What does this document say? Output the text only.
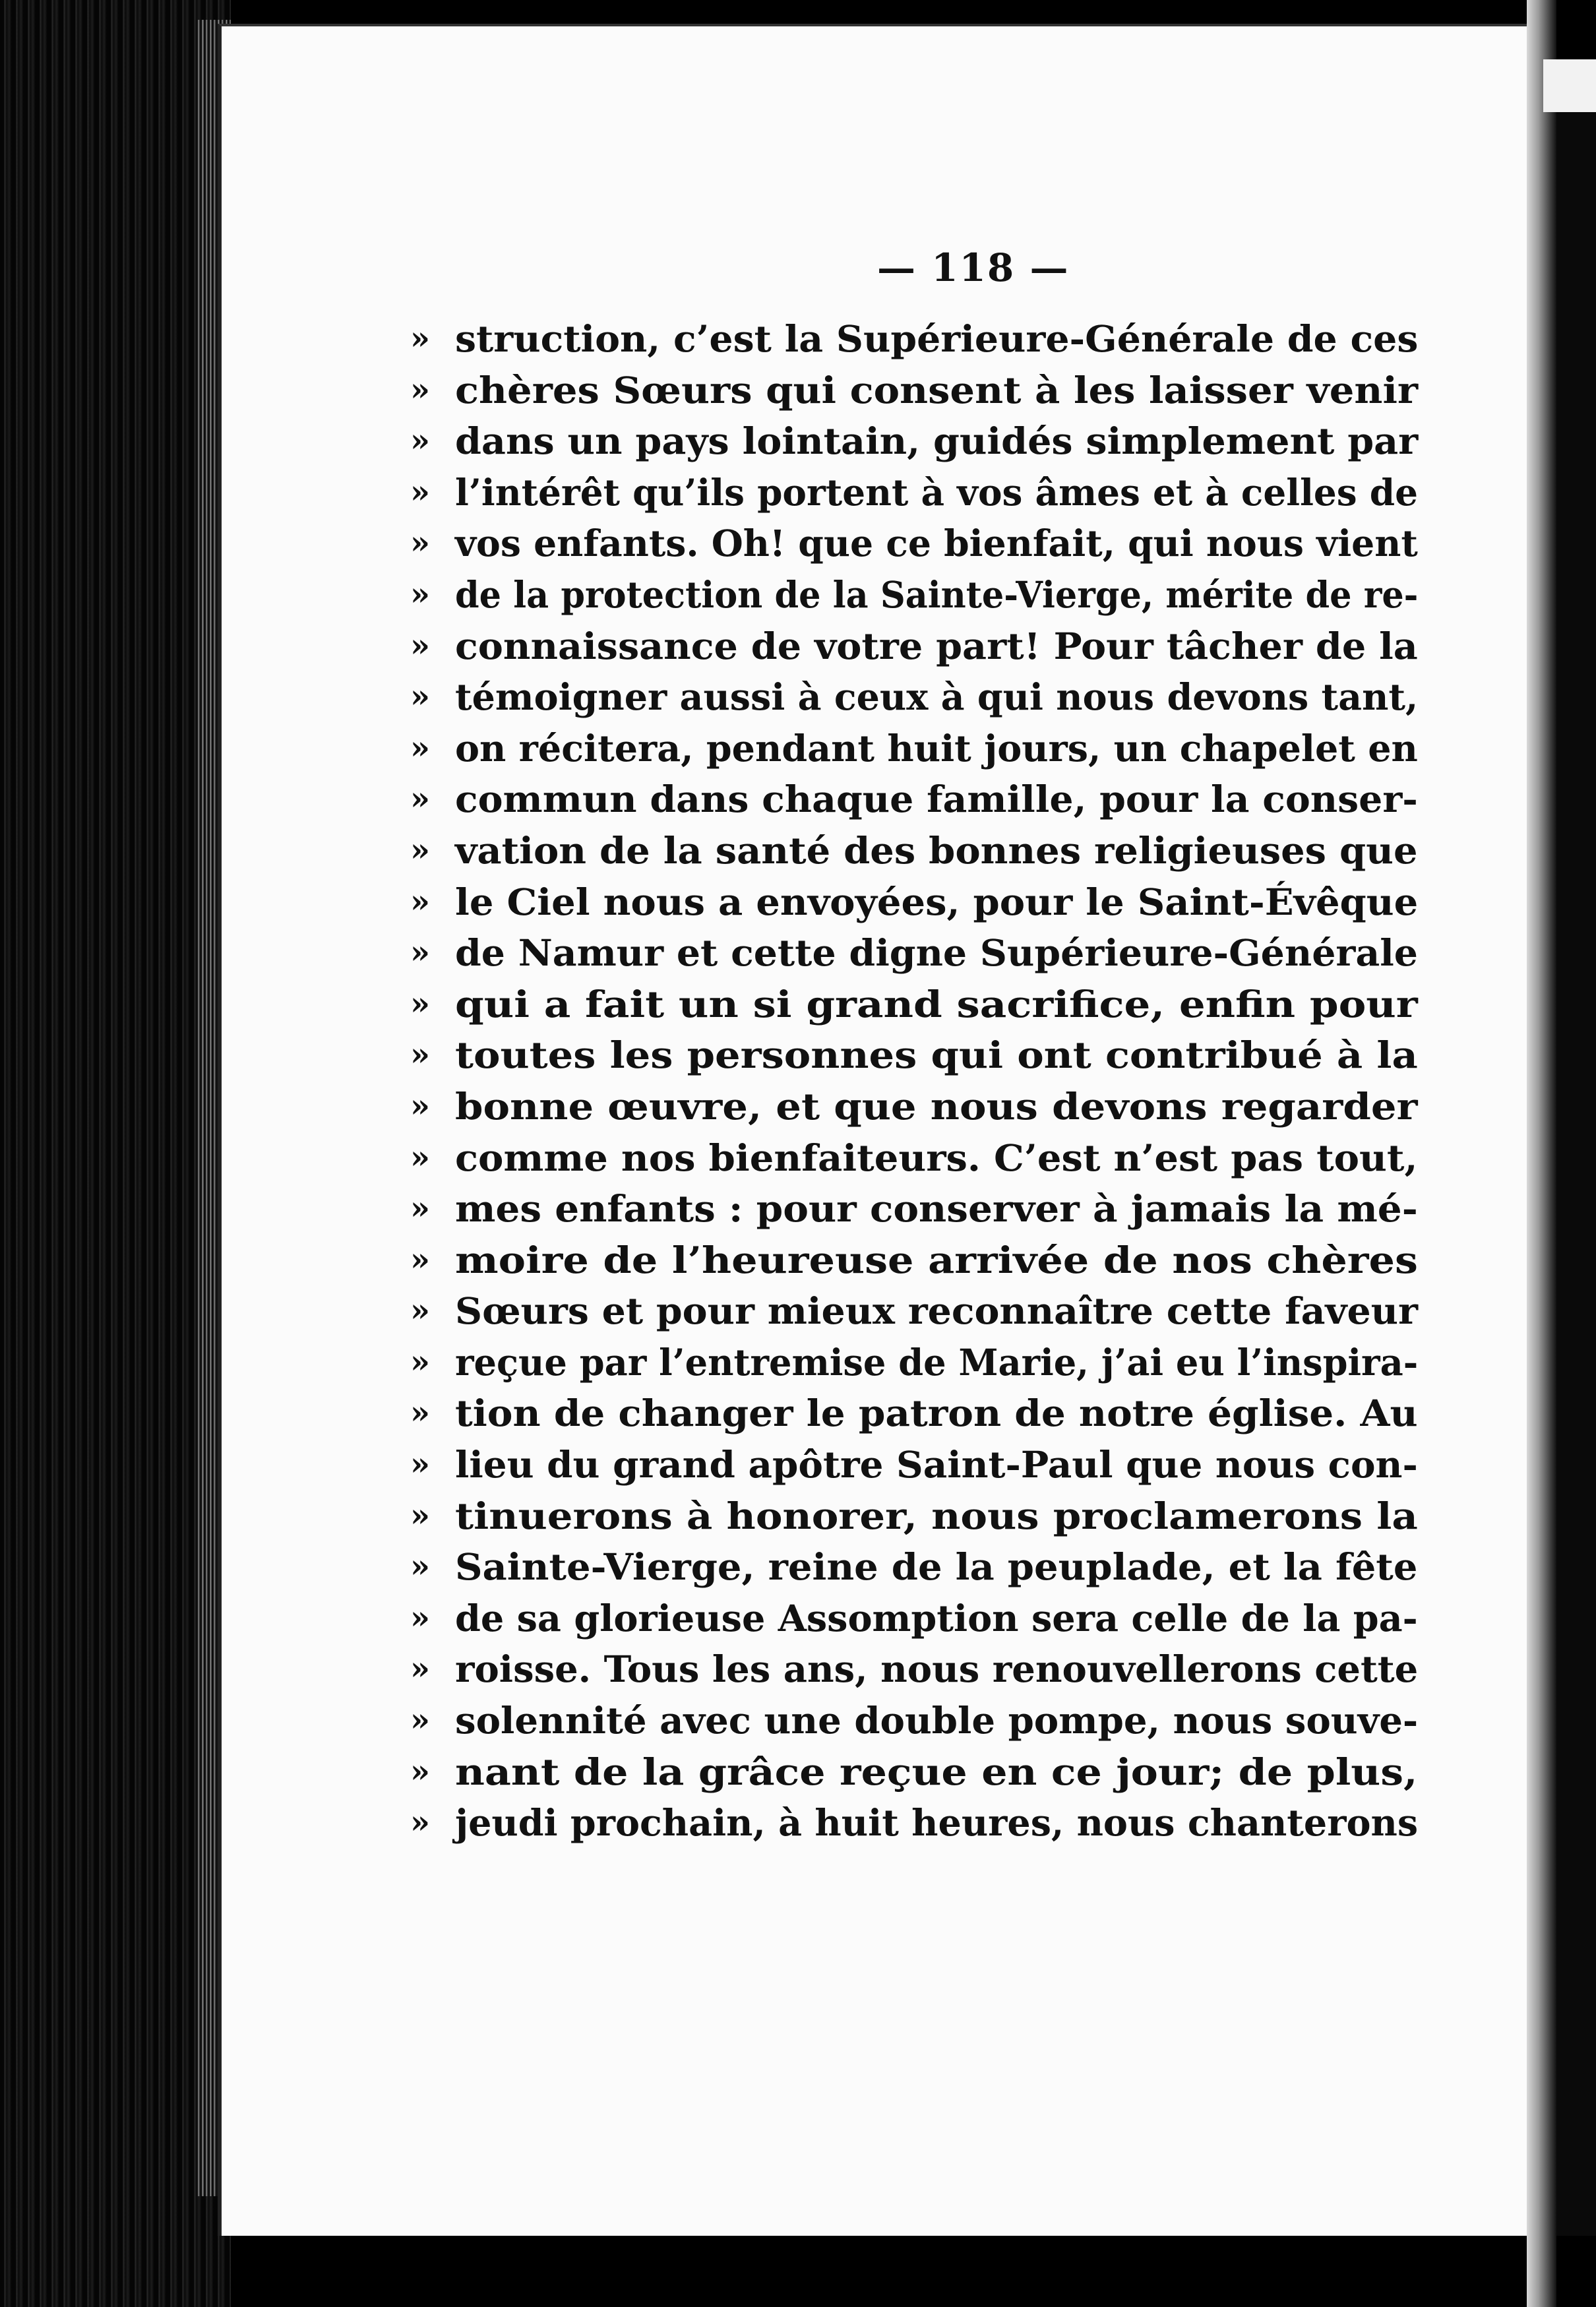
— 118 —
» struction, c’est la Supérieure-Générale de ces
» chères Sœurs qui consent à les laisser venir
» dans un pays lointain, guidés simplement par
» l’intérêt qu’ils portent à vos âmes et à celles de
» vos enfants. Oh! que ce bienfait, qui nous vient
» de la protection de la Sainte-Vierge, mérite de re-
» connaissance de votre part! Pour tâcher de la
» témoigner aussi à ceux à qui nous devons tant,
» on récitera, pendant huit jours, un chapelet en
» commun dans chaque famille, pour la conser-
» vation de la santé des bonnes religieuses que
» le Ciel nous a envoyées, pour le Saint-Évêque
» de Namur et cette digne Supérieure-Générale
» qui a fait un si grand sacrifice, enfin pour
» toutes les personnes qui ont contribué à la
» bonne œuvre, et que nous devons regarder
» comme nos bienfaiteurs. C’est n’est pas tout,
» mes enfants : pour conserver à jamais la mé-
» moire de l’heureuse arrivée de nos chères
» Sœurs et pour mieux reconnaître cette faveur
» reçue par l’entremise de Marie, j’ai eu l’inspira-
» tion de changer le patron de notre église. Au
» lieu du grand apôtre Saint-Paul que nous con-
» tinuerons à honorer, nous proclamerons la
» Sainte-Vierge, reine de la peuplade, et la fête
» de sa glorieuse Assomption sera celle de la pa-
» roisse. Tous les ans, nous renouvellerons cette
» solennité avec une double pompe, nous souve-
» nant de la grâce reçue en ce jour; de plus,
» jeudi prochain, à huit heures, nous chanterons
